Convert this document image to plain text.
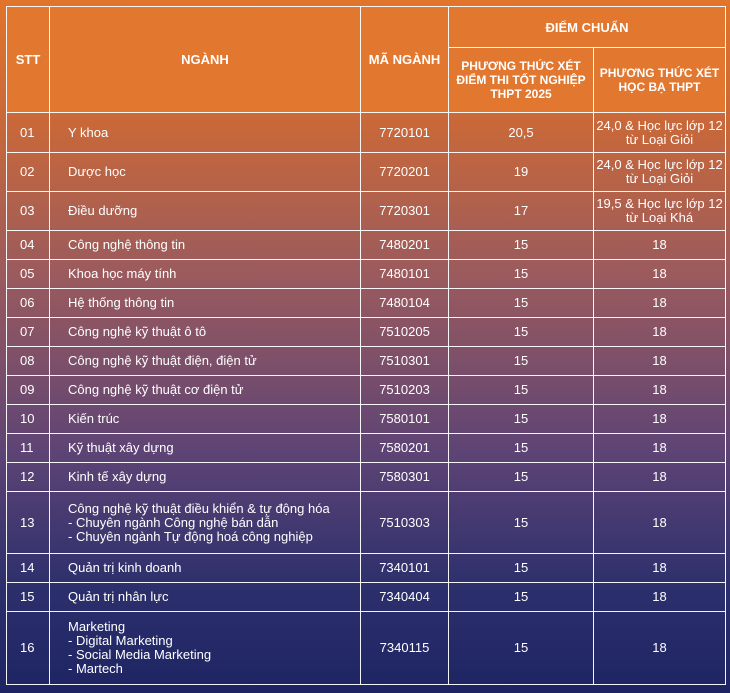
STT	NGÀNH	MÃ NGÀNH	ĐIỂM CHUẨN	
			PHƯƠNG THỨC XÉT ĐIỂM THI TỐT NGHIỆP THPT 2025	PHƯƠNG THỨC XÉT HỌC BẠ THPT
01	Y khoa	7720101	20,5	24,0 & Học lực lớp 12 từ Loại Giỏi
02	Dược học	7720201	19	24,0 & Học lực lớp 12 từ Loại Giỏi
03	Điều dưỡng	7720301	17	19,5 & Học lực lớp 12 từ Loại Khá
04	Công nghệ thông tin	7480201	15	18
05	Khoa học máy tính	7480101	15	18
06	Hệ thống thông tin	7480104	15	18
07	Công nghệ kỹ thuật ô tô	7510205	15	18
08	Công nghệ kỹ thuật điện, điện tử	7510301	15	18
09	Công nghệ kỹ thuật cơ điện tử	7510203	15	18
10	Kiến trúc	7580101	15	18
11	Kỹ thuật xây dựng	7580201	15	18
12	Kinh tế xây dựng	7580301	15	18
13	Công nghệ kỹ thuật điều khiển & tự động hóa
- Chuyên ngành Công nghệ bán dẫn
- Chuyên ngành Tự động hoá công nghiệp	7510303	15	18
14	Quản trị kinh doanh	7340101	15	18
15	Quản trị nhân lực	7340404	15	18
16	Marketing
- Digital Marketing
- Social Media Marketing
- Martech	7340115	15	18
